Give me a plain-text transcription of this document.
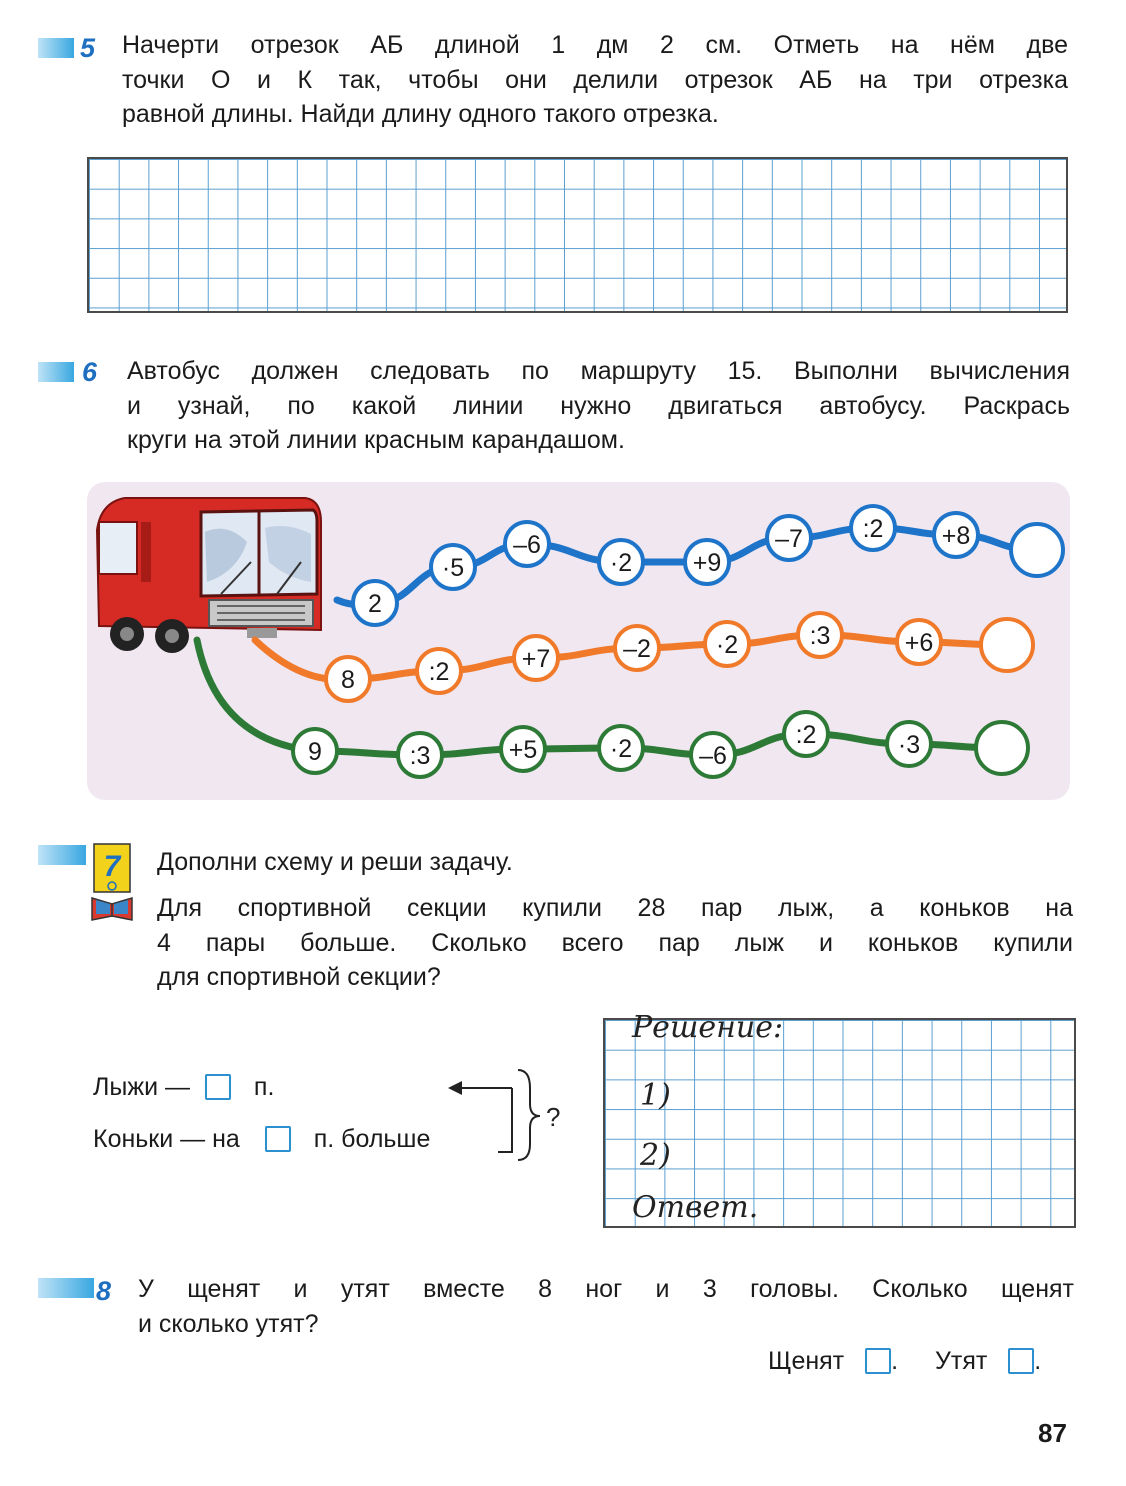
5 Начерти отрезок АБ длиной 1 дм 2 см. Отметь на нём две
точки О и К так, чтобы они делили отрезок АБ на три отрезка
равной длины. Найди длину одного такого отрезка.
6 Автобус должен следовать по маршруту 15. Выполни вычисления
и узнай, по какой линии нужно двигаться автобусу. Раскрась
круги на этой линии красным карандашом.
2
·5
–6
·2 +9
–7 :2 +8
8	:2	+7	–2	·2	:3	+6
9	:3	+5	·2	–6
:2	·3
7 Дополни схему и реши задачу.
Для спортивной секции купили 28 пар лыж, а коньков на
4 пары больше. Сколько всего пар лыж и коньков купили
для спортивной секции?
Лыжи —	п.
Коньки — на	п. больше
?
Решение:
1)
2)
Ответ.
8 У щенят и утят вместе 8 ног и 3 головы. Сколько щенят
и сколько утят?
Щенят . Утят .
87
